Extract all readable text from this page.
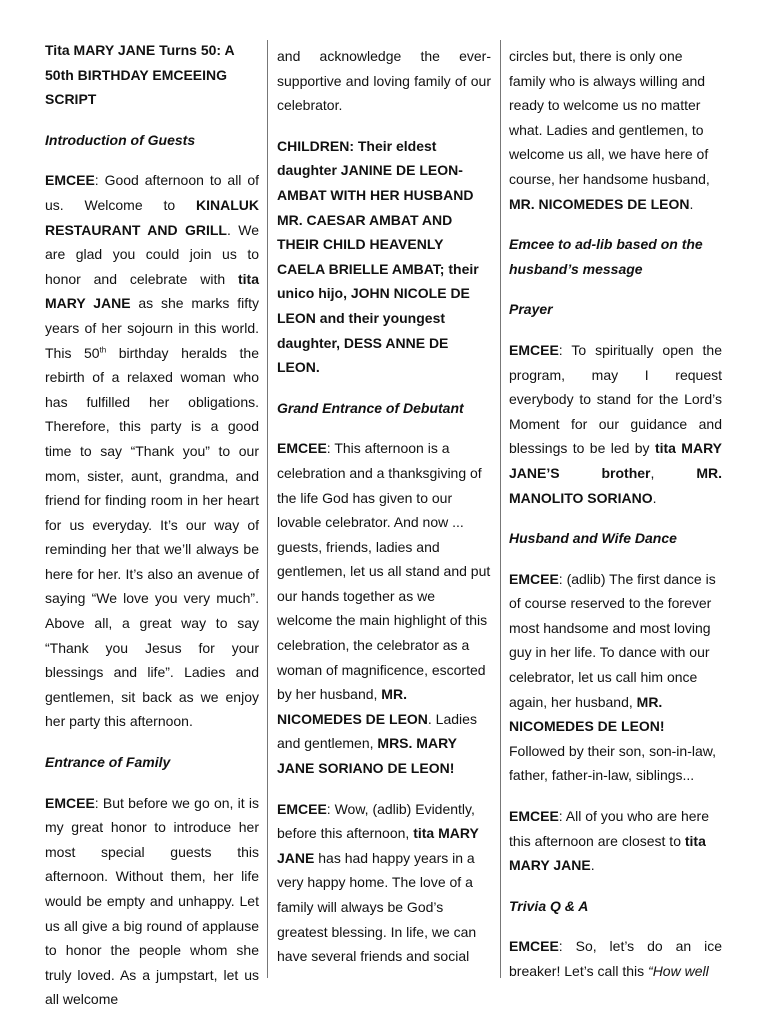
Tita MARY JANE Turns 50: A 50th BIRTHDAY EMCEEING SCRIPT
Introduction of Guests

EMCEE: Good afternoon to all of us. Welcome to KINALUK RESTAURANT AND GRILL. We are glad you could join us to honor and celebrate with tita MARY JANE as she marks fifty years of her sojourn in this world. This 50th birthday heralds the rebirth of a relaxed woman who has fulfilled her obligations. Therefore, this party is a good time to say “Thank you” to our mom, sister, aunt, grandma, and friend for finding room in her heart for us everyday. It’s our way of reminding her that we’ll always be here for her. It’s also an avenue of saying “We love you very much”. Above all, a great way to say “Thank you Jesus for your blessings and life”. Ladies and gentlemen, sit back as we enjoy her party this afternoon.

Entrance of Family

EMCEE: But before we go on, it is my great honor to introduce her most special guests this afternoon. Without them, her life would be empty and unhappy. Let us all give a big round of applause to honor the people whom she truly loved. As a jumpstart, let us all welcome

and acknowledge the ever-supportive and loving family of our celebrator.

CHILDREN: Their eldest daughter JANINE DE LEON-AMBAT WITH HER HUSBAND MR. CAESAR AMBAT AND THEIR CHILD HEAVENLY CAELA BRIELLE AMBAT; their unico hijo, JOHN NICOLE DE LEON and their youngest daughter, DESS ANNE DE LEON.

Grand Entrance of Debutant

EMCEE: This afternoon is a celebration and a thanksgiving of the life God has given to our lovable celebrator. And now ... guests, friends, ladies and gentlemen, let us all stand and put our hands together as we welcome the main highlight of this celebration, the celebrator as a woman of magnificence, escorted by her husband, MR. NICOMEDES DE LEON. Ladies and gentlemen, MRS. MARY JANE SORIANO DE LEON!

EMCEE: Wow, (adlib) Evidently, before this afternoon, tita MARY JANE has had happy years in a very happy home. The love of a family will always be God’s greatest blessing. In life, we can have several friends and social

circles but, there is only one family who is always willing and ready to welcome us no matter what. Ladies and gentlemen, to welcome us all, we have here of course, her handsome husband, MR. NICOMEDES DE LEON.

Emcee to ad-lib based on the husband’s message
Prayer

EMCEE: To spiritually open the program, may I request everybody to stand for the Lord’s Moment for our guidance and blessings to be led by tita MARY JANE’S brother, MR. MANOLITO SORIANO.

Husband and Wife Dance

EMCEE: (adlib) The first dance is of course reserved to the forever most handsome and most loving guy in her life. To dance with our celebrator, let us call him once again, her husband, MR. NICOMEDES DE LEON! Followed by their son, son-in-law, father, father-in-law, siblings...

EMCEE: All of you who are here this afternoon are closest to tita MARY JANE.

Trivia Q & A

EMCEE: So, let’s do an ice breaker! Let’s call this “How well
